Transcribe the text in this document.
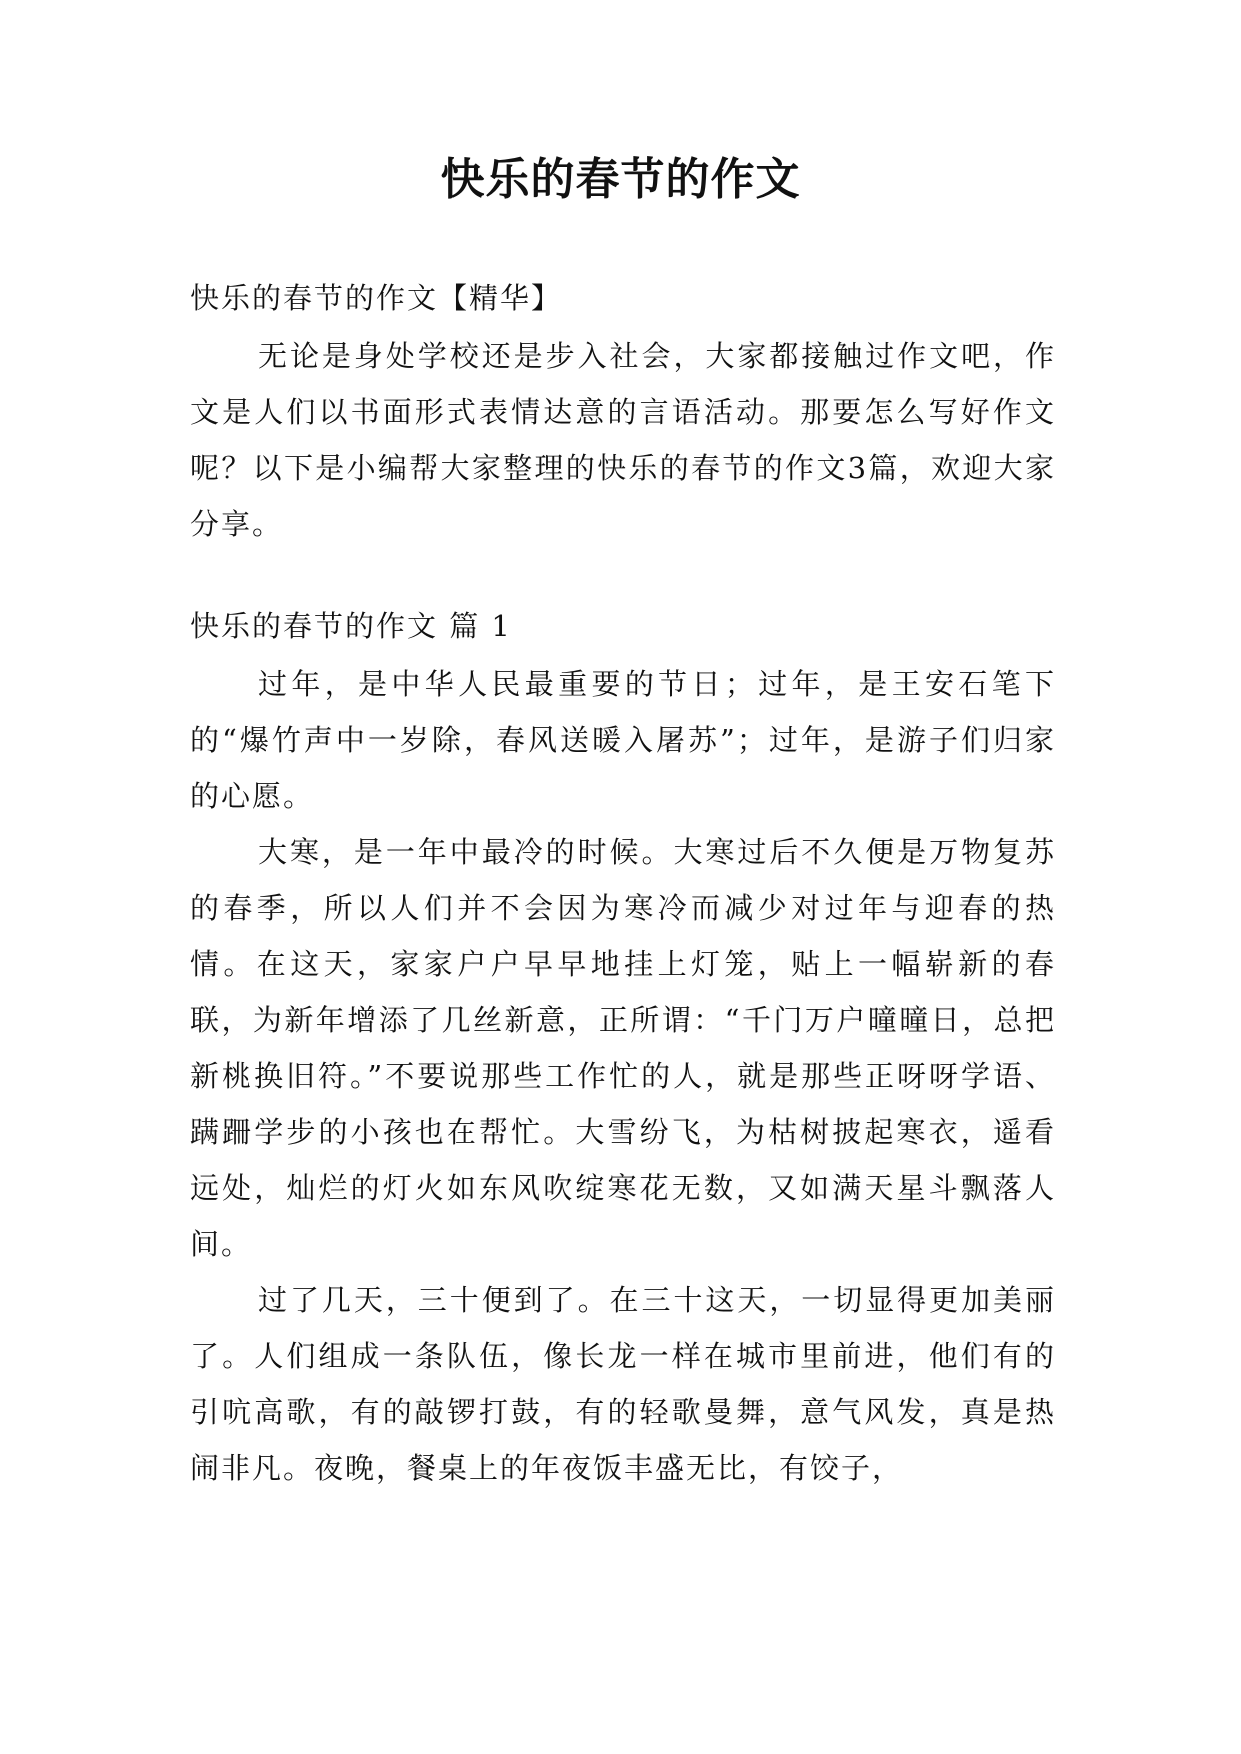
快乐的春节的作文
快乐的春节的作文【精华】

无论是身处学校还是步入社会，大家都接触过作文吧，作文是人们以书面形式表情达意的言语活动。那要怎么写好作文呢？以下是小编帮大家整理的快乐的春节的作文3篇，欢迎大家分享。

快乐的春节的作文 篇 1

过年，是中华人民最重要的节日；过年，是王安石笔下的“爆竹声中一岁除，春风送暖入屠苏”；过年，是游子们归家的心愿。

大寒，是一年中最冷的时候。大寒过后不久便是万物复苏的春季，所以人们并不会因为寒冷而减少对过年与迎春的热情。在这天，家家户户早早地挂上灯笼，贴上一幅崭新的春联，为新年增添了几丝新意，正所谓：“千门万户曈曈日，总把新桃换旧符。”不要说那些工作忙的人，就是那些正呀呀学语、蹒跚学步的小孩也在帮忙。大雪纷飞，为枯树披起寒衣，遥看远处，灿烂的灯火如东风吹绽寒花无数，又如满天星斗飘落人间。

过了几天，三十便到了。在三十这天，一切显得更加美丽了。人们组成一条队伍，像长龙一样在城市里前进，他们有的引吭高歌，有的敲锣打鼓，有的轻歌曼舞，意气风发，真是热闹非凡。夜晚，餐桌上的年夜饭丰盛无比，有饺子，
